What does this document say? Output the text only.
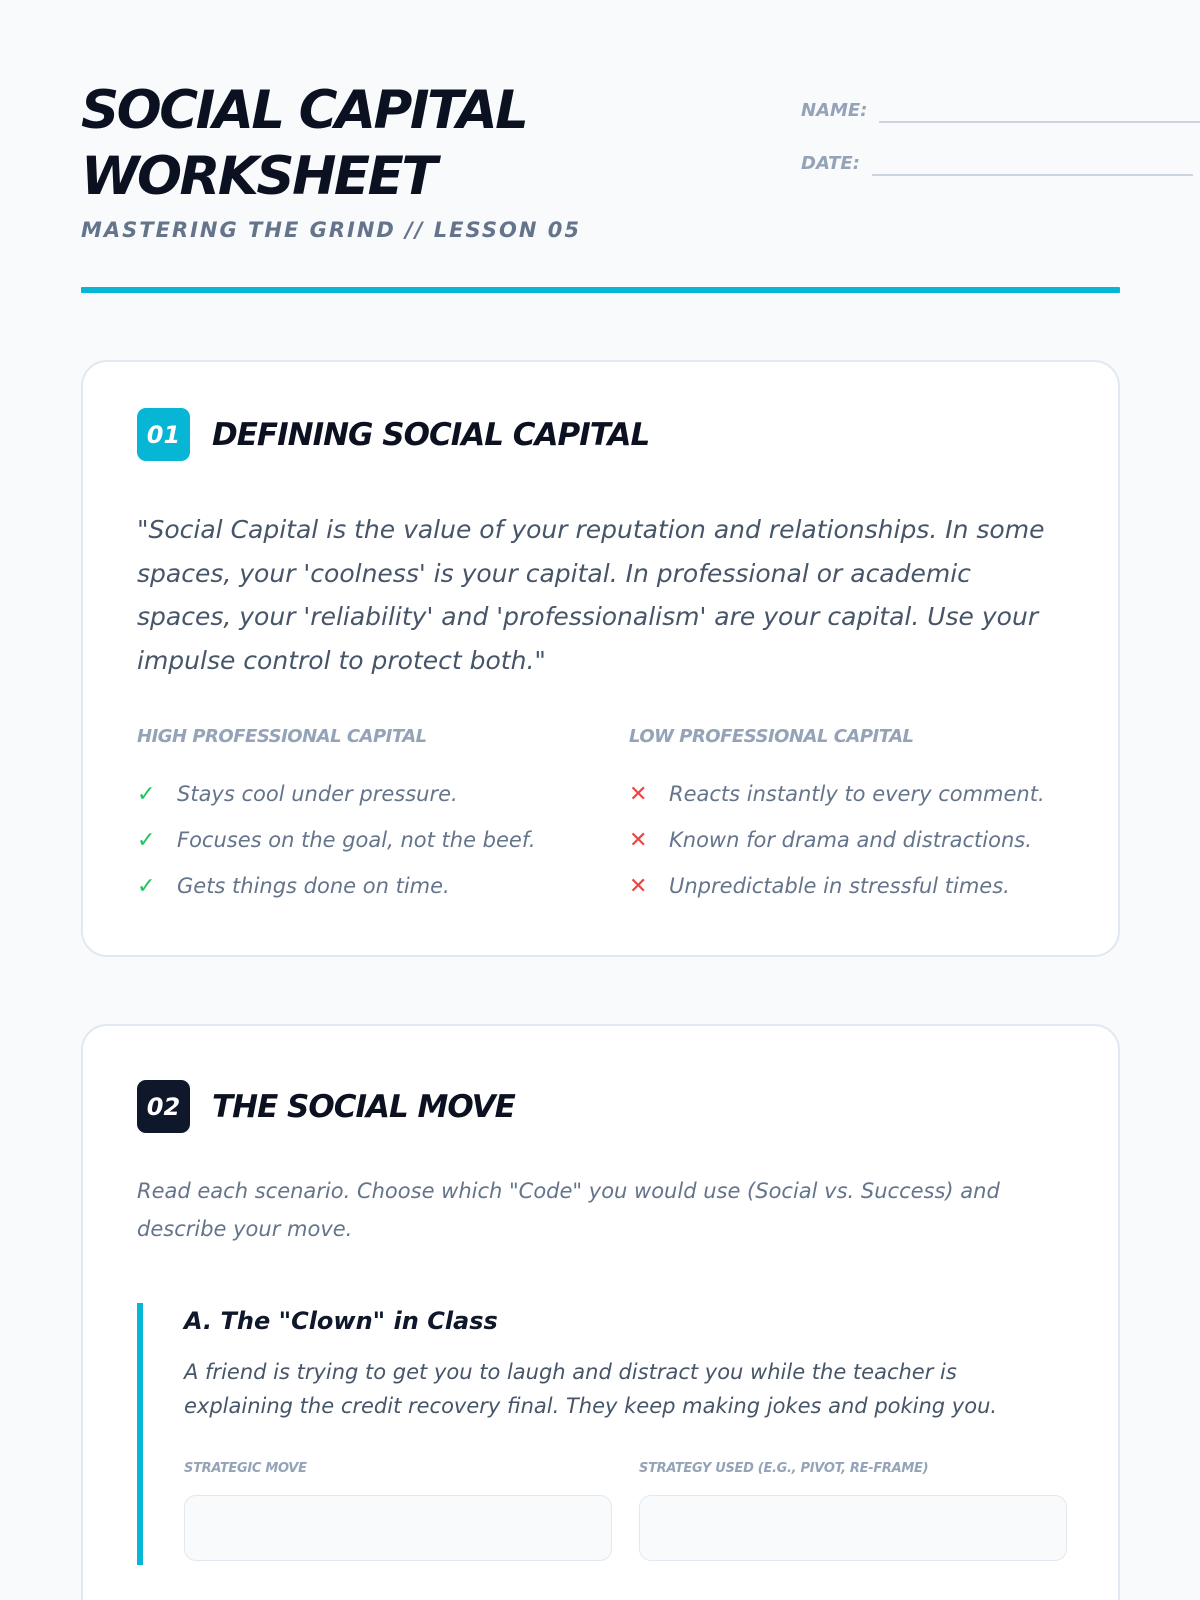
SOCIAL CAPITAL WORKSHEET
MASTERING THE GRIND // LESSON 05
NAME:
DATE:
01	DEFINING SOCIAL CAPITAL

"Social Capital is the value of your reputation and relationships. In some spaces, your 'coolness' is your capital. In professional or academic spaces, your 'reliability' and 'professionalism' are your capital. Use your impulse control to protect both."

HIGH PROFESSIONAL CAPITAL
✓	Stays cool under pressure.
✓	Focuses on the goal, not the beef.
✓	Gets things done on time.
LOW PROFESSIONAL CAPITAL
✕	Reacts instantly to every comment.
✕	Known for drama and distractions.
✕	Unpredictable in stressful times.
02	THE SOCIAL MOVE

Read each scenario. Choose which "Code" you would use (Social vs. Success) and describe your move.

A. The "Clown" in Class

A friend is trying to get you to laugh and distract you while the teacher is explaining the credit recovery final. They keep making jokes and poking you.

STRATEGIC MOVE	STRATEGY USED (E.G., PIVOT, RE-FRAME)
